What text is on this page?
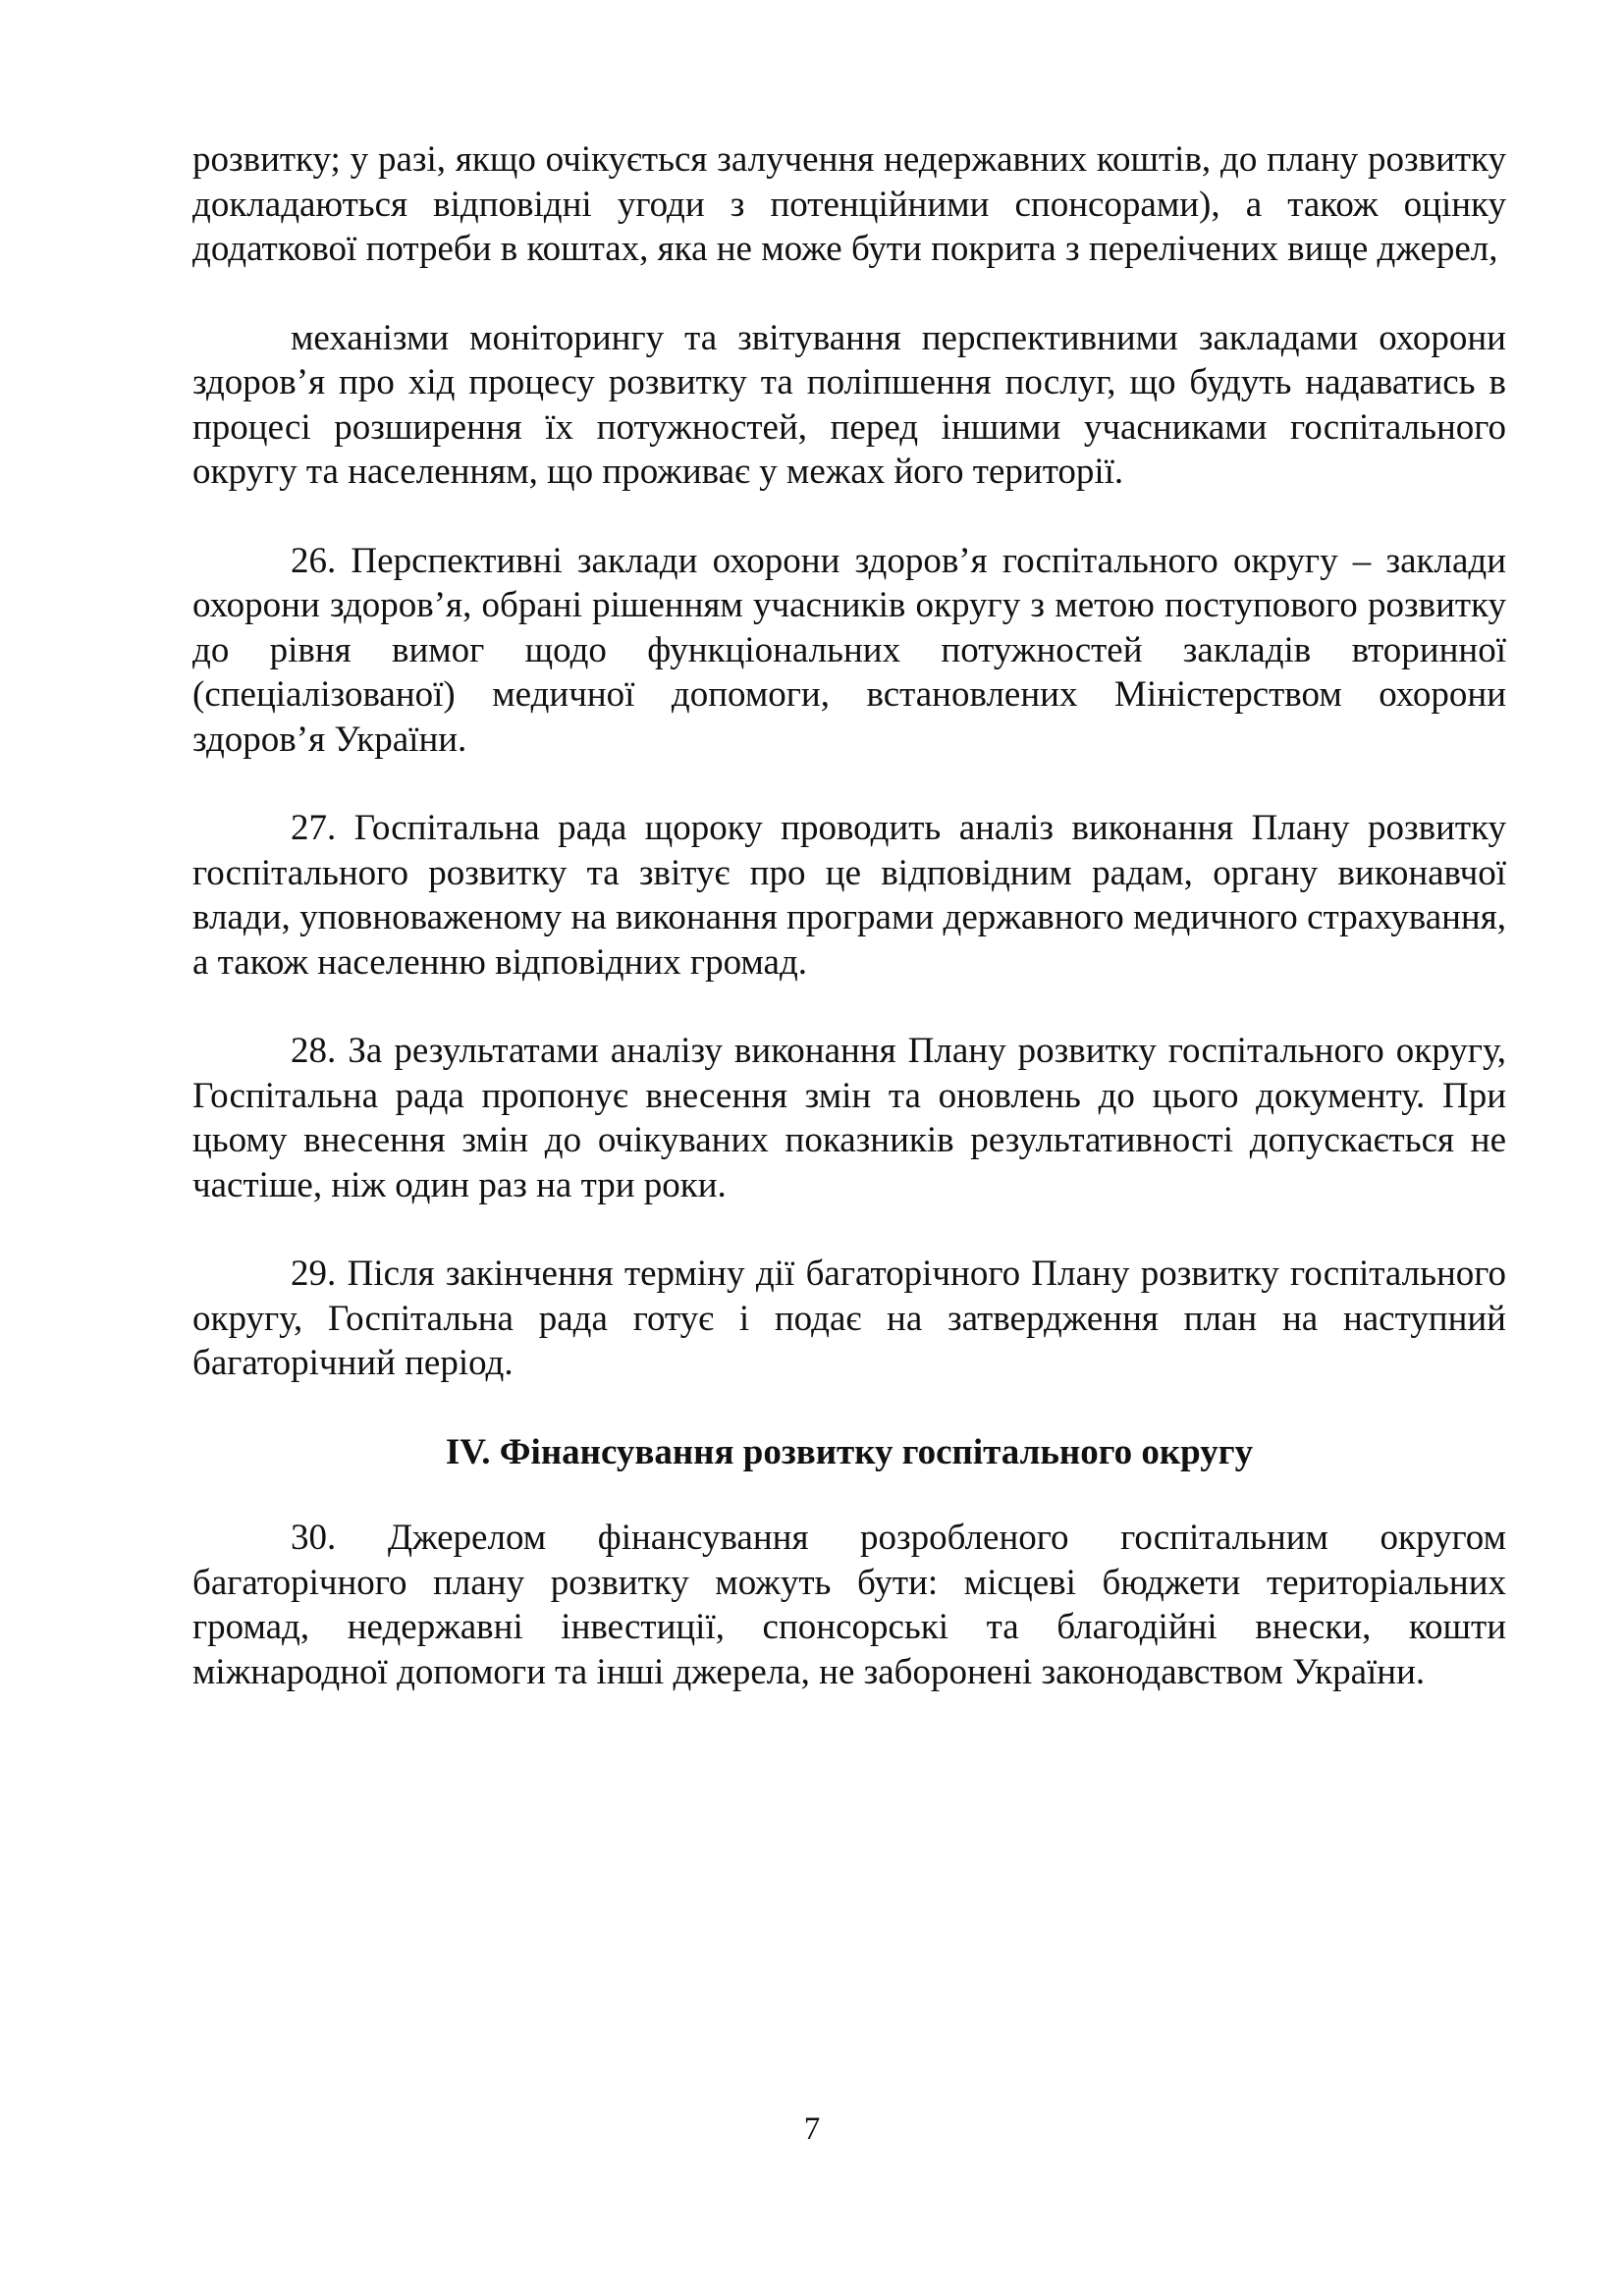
розвитку; у разі, якщо очікується залучення недержавних коштів, до плану розвитку докладаються відповідні угоди з потенційними спонсорами), а також оцінку додаткової потреби в коштах, яка не може бути покрита з перелічених вище джерел,

механізми моніторингу та звітування перспективними закладами охорони здоров’я про хід процесу розвитку та поліпшення послуг, що будуть надаватись в процесі розширення їх потужностей, перед іншими учасниками госпітального округу та населенням, що проживає у межах його території.

26. Перспективні заклади охорони здоров’я госпітального округу – заклади охорони здоров’я, обрані рішенням учасників округу з метою поступового розвитку до рівня вимог щодо функціональних потужностей закладів вторинної (спеціалізованої) медичної допомоги, встановлених Міністерством охорони здоров’я України.

27. Госпітальна рада щороку проводить аналіз виконання Плану розвитку госпітального розвитку та звітує про це відповідним радам, органу виконавчої влади, уповноваженому на виконання програми державного медичного страхування, а також населенню відповідних громад.

28. За результатами аналізу виконання Плану розвитку госпітального округу, Госпітальна рада пропонує внесення змін та оновлень до цього документу. При цьому внесення змін до очікуваних показників результативності допускається не частіше, ніж один раз на три роки.

29. Після закінчення терміну дії багаторічного Плану розвитку госпітального округу, Госпітальна рада готує і подає на затвердження план на наступний багаторічний період.

ІV. Фінансування розвитку госпітального округу

30. Джерелом фінансування розробленого госпітальним округом багаторічного плану розвитку можуть бути: місцеві бюджети територіальних громад, недержавні інвестиції, спонсорські та благодійні внески, кошти міжнародної допомоги та інші джерела, не заборонені законодавством України.

7
